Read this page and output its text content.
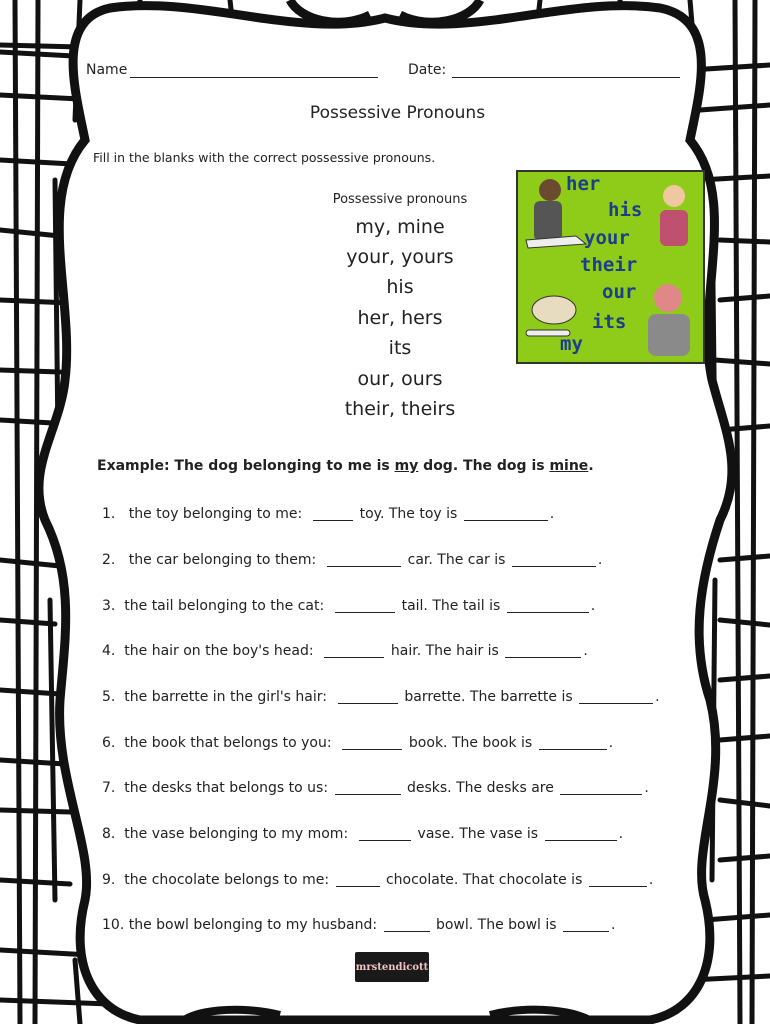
Name	Date:
Possessive Pronouns
Fill in the blanks with the correct possessive pronouns.
Possessive pronouns
my, mine
your, yours
his
her, hers
its
our, ours
their, theirs
her
his
your
their
our
its
my
Example: The dog belonging to me is my dog. The dog is mine.
1. the toy belonging to me:	toy. The toy is	.
2. the car belonging to them:	car. The car is	.
3. the tail belonging to the cat:	tail. The tail is	.
4. the hair on the boy's head:	hair. The hair is	.
5. the barrette in the girl's hair:	barrette. The barrette is	.
6. the book that belongs to you:	book. The book is	.
7. the desks that belongs to us:	desks. The desks are	.
8. the vase belonging to my mom:	vase. The vase is	.
9. the chocolate belongs to me:	chocolate. That chocolate is	.
10. the bowl belonging to my husband:	bowl. The bowl is	.
mrstendicott
